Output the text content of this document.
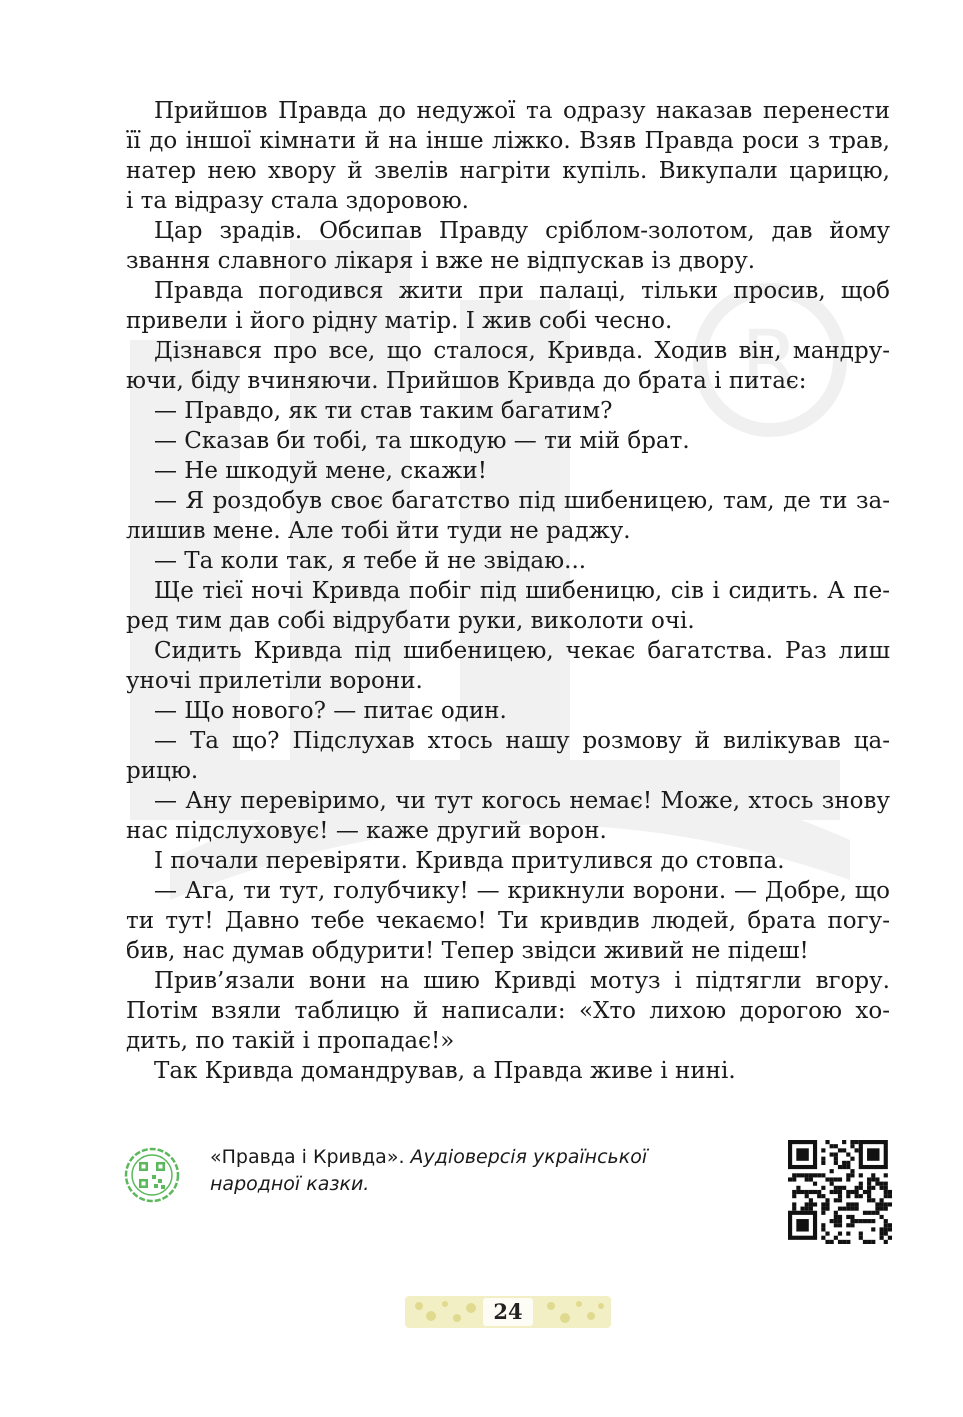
R
Прийшов Правда до недужої та одразу наказав перенести
її до іншої кімнати й на інше ліжко. Взяв Правда роси з трав,
натер нею хвору й звелів нагріти купіль. Викупали царицю,
і та відразу стала здоровою.
Цар зрадів. Обсипав Правду сріблом-золотом, дав йому
звання славного лікаря і вже не відпускав із двору.
Правда погодився жити при палаці, тільки просив, щоб
привели і його рідну матір. І жив собі чесно.
Дізнався про все, що сталося, Кривда. Ходив він, мандру-
ючи, біду вчиняючи. Прийшов Кривда до брата і питає:
— Правдо, як ти став таким багатим?
— Сказав би тобі, та шкодую — ти мій брат.
— Не шкодуй мене, скажи!
— Я роздобув своє багатство під шибеницею, там, де ти за-
лишив мене. Але тобі йти туди не раджу.
— Та коли так, я тебе й не звідаю...
Ще тієї ночі Кривда побіг під шибеницю, сів і сидить. А пе-
ред тим дав собі відрубати руки, виколоти очі.
Сидить Кривда під шибеницею, чекає багатства. Раз лиш
уночі прилетіли ворони.
— Що нового? — питає один.
— Та що? Підслухав хтось нашу розмову й вилікував ца-
рицю.
— Ану перевіримо, чи тут когось немає! Може, хтось знову
нас підслуховує! — каже другий ворон.
І почали перевіряти. Кривда притулився до стовпа.
— Ага, ти тут, голубчику! — крикнули ворони. — Добре, що
ти тут! Давно тебе чекаємо! Ти кривдив людей, брата погу-
бив, нас думав обдурити! Тепер звідси живий не підеш!
Прив’язали вони на шию Кривді мотуз і підтягли вгору.
Потім взяли таблицю й написали: «Хто лихою дорогою хо-
дить, по такій і пропадає!»
Так Кривда домандрував, а Правда живе і нині.
«Правда і Кривда». Аудіоверсія української народної казки.
24
